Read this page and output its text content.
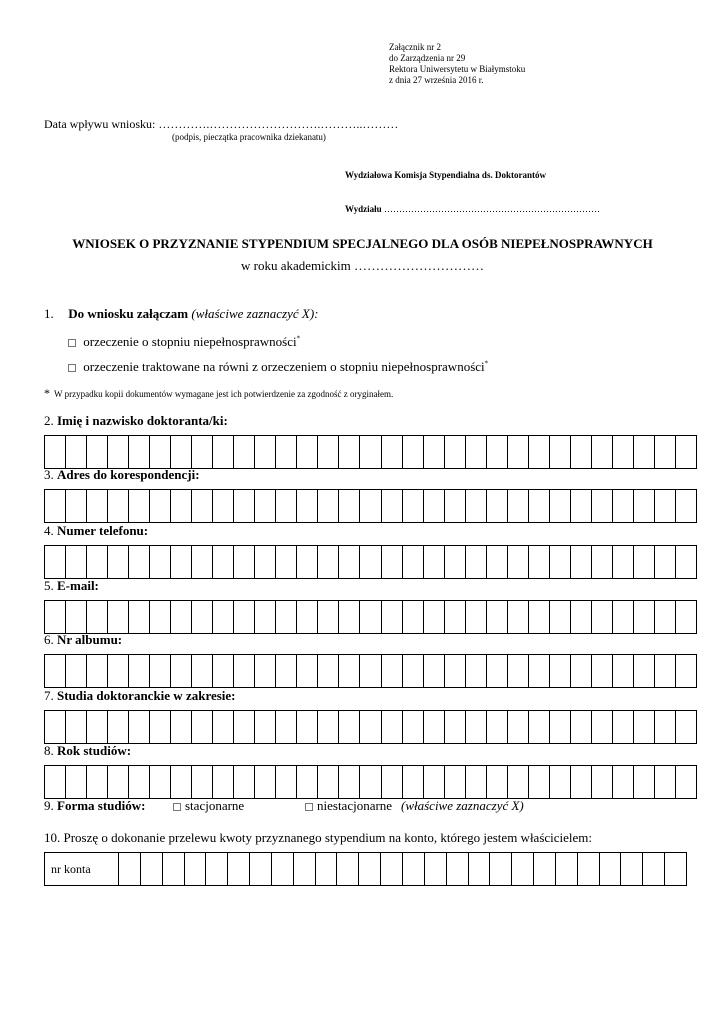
Załącznik nr 2
do Zarządzenia nr 29
Rektora Uniwersytetu w Białymstoku
z dnia 27 września 2016 r.
Data wpływu wniosku: ………….……………………….………..………
(podpis, pieczątka pracownika dziekanatu)
Wydziałowa Komisja Stypendialna ds. Doktorantów
Wydziału ………………………………………………………………
WNIOSEK O PRZYZNANIE STYPENDIUM SPECJALNEGO DLA OSÓB NIEPEŁNOSPRAWNYCH
w roku akademickim …………………………
1. Do wniosku załączam (właściwe zaznaczyć X):
orzeczenie o stopniu niepełnosprawności*
orzeczenie traktowane na równi z orzeczeniem o stopniu niepełnosprawności*
* W przypadku kopii dokumentów wymagane jest ich potwierdzenie za zgodność z oryginałem.
2. Imię i nazwisko doktoranta/ki:
3. Adres do korespondencji:
4. Numer telefonu:
5. E-mail:
6. Nr albumu:
7. Studia doktoranckie w zakresie:
8. Rok studiów:
9. Forma studiów:	stacjonarne	niestacjonarne (właściwe zaznaczyć X)
10. Proszę o dokonanie przelewu kwoty przyznanego stypendium na konto, którego jestem właścicielem:
nr konta
